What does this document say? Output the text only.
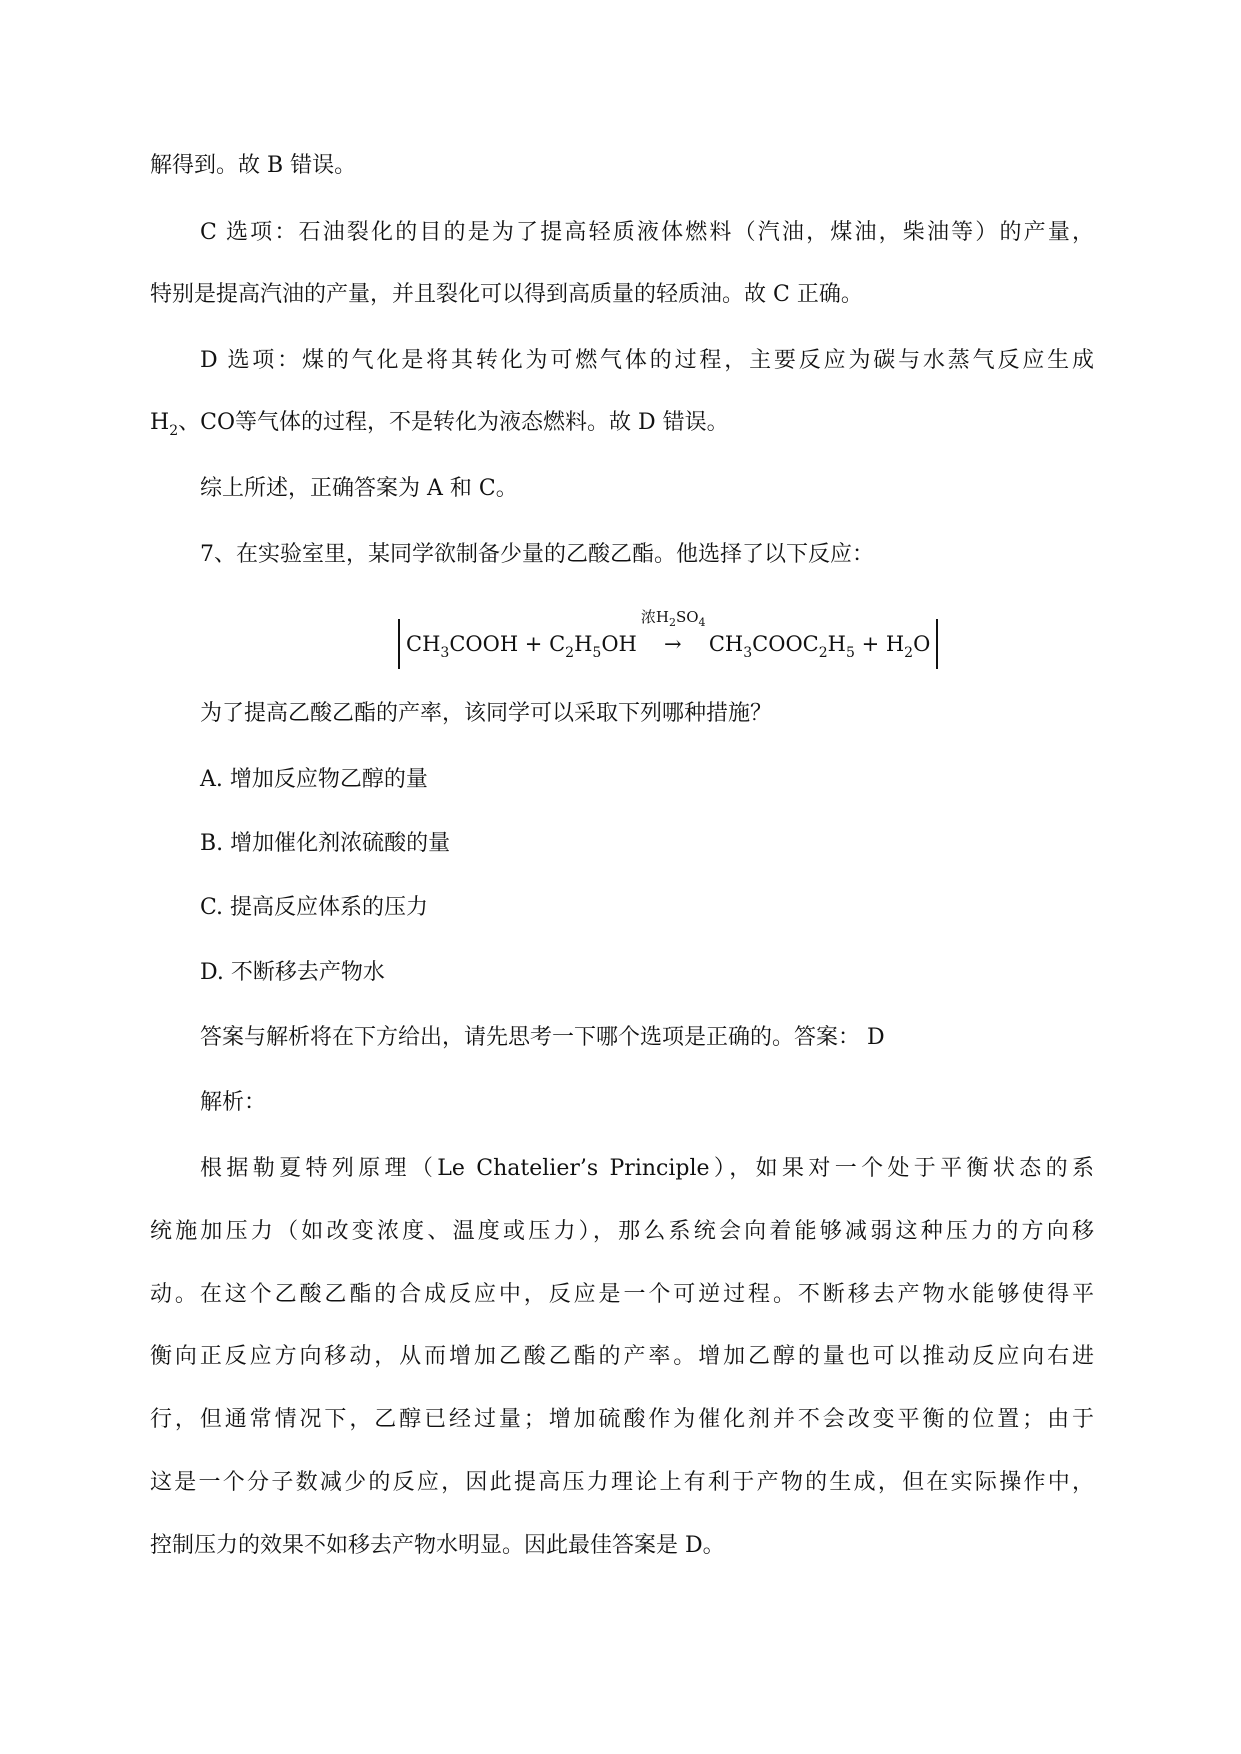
解得到。故 B 错误。
C 选项：石油裂化的目的是为了提高轻质液体燃料（汽油，煤油，柴油等）的产量，
特别是提高汽油的产量，并且裂化可以得到高质量的轻质油。故 C 正确。
D 选项：煤的气化是将其转化为可燃气体的过程，主要反应为碳与水蒸气反应生成
$H_2$、CO等气体的过程，不是转化为液态燃料。故 D 错误。
综上所述，正确答案为 A 和 C。
7、在实验室里，某同学欲制备少量的乙酸乙酯。他选择了以下反应：
$CH_3COOH + C_2H_5OH$
浓$H_2SO_4$
→	$CH_3COOC_2H_5 + H_2O$
为了提高乙酸乙酯的产率，该同学可以采取下列哪种措施？
A. 增加反应物乙醇的量
B. 增加催化剂浓硫酸的量
C. 提高反应体系的压力
D. 不断移去产物水
答案与解析将在下方给出，请先思考一下哪个选项是正确的。答案： D
解析：
根据勒夏特列原理（Le Chatelier’s Principle），如果对一个处于平衡状态的系
统施加压力（如改变浓度、温度或压力），那么系统会向着能够减弱这种压力的方向移
动。在这个乙酸乙酯的合成反应中，反应是一个可逆过程。不断移去产物水能够使得平
衡向正反应方向移动，从而增加乙酸乙酯的产率。增加乙醇的量也可以推动反应向右进
行，但通常情况下，乙醇已经过量；增加硫酸作为催化剂并不会改变平衡的位置；由于
这是一个分子数减少的反应，因此提高压力理论上有利于产物的生成，但在实际操作中，
控制压力的效果不如移去产物水明显。因此最佳答案是 D。
